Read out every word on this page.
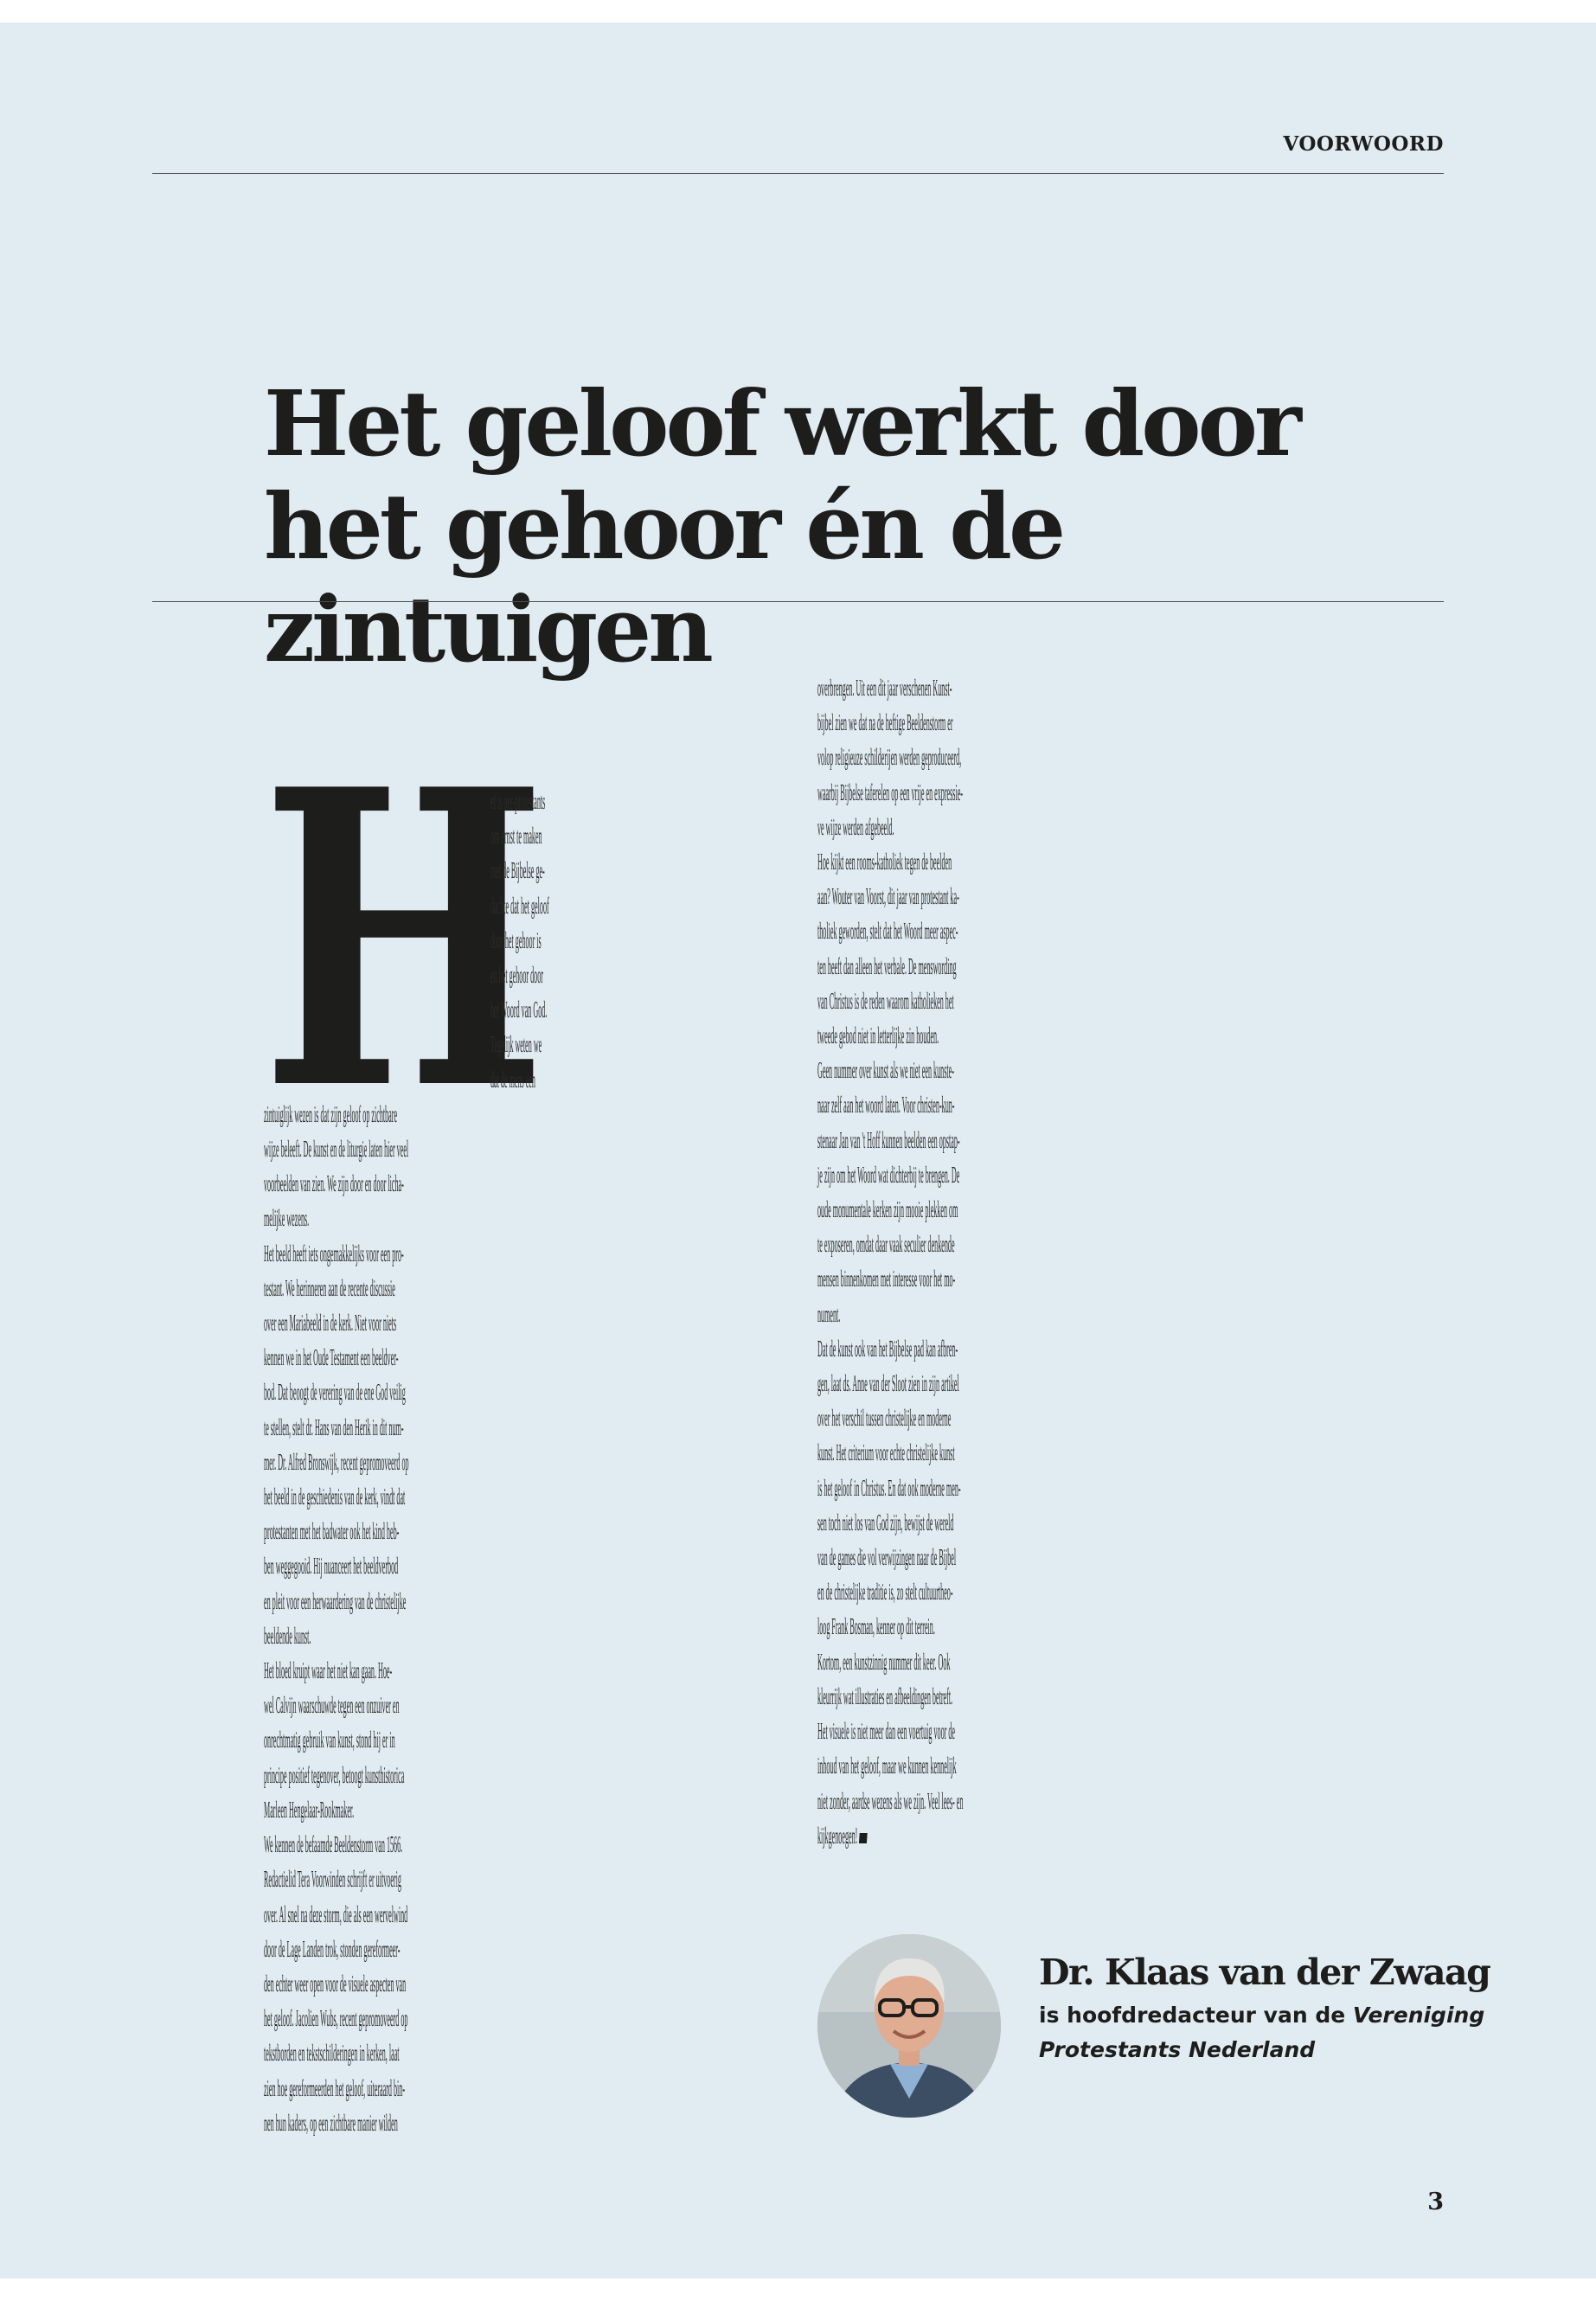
VOORWOORD
Het geloof werkt door het gehoor én de zintuigen
H
et is oer-protestants
om ernst te maken
met de Bijbelse ge-
dachte dat het geloof
door het gehoor is
en het gehoor door
het Woord van God.
Tegelijk weten we
dat de mens een
zintuiglijk wezen is dat zijn geloof op zichtbare
wijze beleeft. De kunst en de liturgie laten hier veel
voorbeelden van zien. We zijn door en door licha-
melijke wezens.
Het beeld heeft iets ongemakkelijks voor een pro-
testant. We herinneren aan de recente discussie
over een Mariabeeld in de kerk. Niet voor niets
kennen we in het Oude Testament een beeldver-
bod. Dat beoogt de verering van de ene God veilig
te stellen, stelt dr. Hans van den Herik in dit num-
mer. Dr. Alfred Bronswijk, recent gepromoveerd op
het beeld in de geschiedenis van de kerk, vindt dat
protestanten met het badwater ook het kind heb-
ben weggegooid. Hij nuanceert het beeldverbod
en pleit voor een herwaardering van de christelijke
beeldende kunst.
Het bloed kruipt waar het niet kan gaan. Hoe-
wel Calvijn waarschuwde tegen een onzuiver en
onrechtmatig gebruik van kunst, stond hij er in
principe positief tegenover, betoogt kunsthistorica
Marleen Hengelaar-Rookmaker.
We kennen de befaamde Beeldenstorm van 1566.
Redactielid Tera Voorwinden schrijft er uitvoerig
over. Al snel na deze storm, die als een wervelwind
door de Lage Landen trok, stonden gereformeer-
den echter weer open voor de visuele aspecten van
het geloof. Jacolien Wubs, recent gepromoveerd op
tekstborden en tekstschilderingen in kerken, laat
zien hoe gereformeerden het geloof, uiteraard bin-
nen hun kaders, op een zichtbare manier wilden
overbrengen. Uit een dit jaar verschenen Kunst-
bijbel zien we dat na de heftige Beeldenstorm er
volop religieuze schilderijen werden geproduceerd,
waarbij Bijbelse taferelen op een vrije en expressie-
ve wijze werden afgebeeld.
Hoe kijkt een rooms-katholiek tegen de beelden
aan? Wouter van Voorst, dit jaar van protestant ka-
tholiek geworden, stelt dat het Woord meer aspec-
ten heeft dan alleen het verbale. De menswording
van Christus is de reden waarom katholieken het
tweede gebod niet in letterlijke zin houden.
Geen nummer over kunst als we niet een kunste-
naar zelf aan het woord laten. Voor christen-kun-
stenaar Jan van 't Hoff kunnen beelden een opstap-
je zijn om het Woord wat dichterbij te brengen. De
oude monumentale kerken zijn mooie plekken om
te exposeren, omdat daar vaak seculier denkende
mensen binnenkomen met interesse voor het mo-
nument.
Dat de kunst ook van het Bijbelse pad kan afbren-
gen, laat ds. Anne van der Sloot zien in zijn artikel
over het verschil tussen christelijke en moderne
kunst. Het criterium voor echte christelijke kunst
is het geloof in Christus. En dat ook moderne men-
sen toch niet los van God zijn, bewijst de wereld
van de games die vol verwijzingen naar de Bijbel
en de christelijke traditie is, zo stelt cultuurtheo-
loog Frank Bosman, kenner op dit terrein.
Kortom, een kunstzinnig nummer dit keer. Ook
kleurrijk wat illustraties en afbeeldingen betreft.
Het visuele is niet meer dan een voertuig voor de
inhoud van het geloof, maar we kunnen kennelijk
niet zonder, aardse wezens als we zijn. Veel lees- en
kijkgenoegen!
Dr. Klaas van der Zwaag
is hoofdredacteur van de Vereniging Protestants Nederland
3
